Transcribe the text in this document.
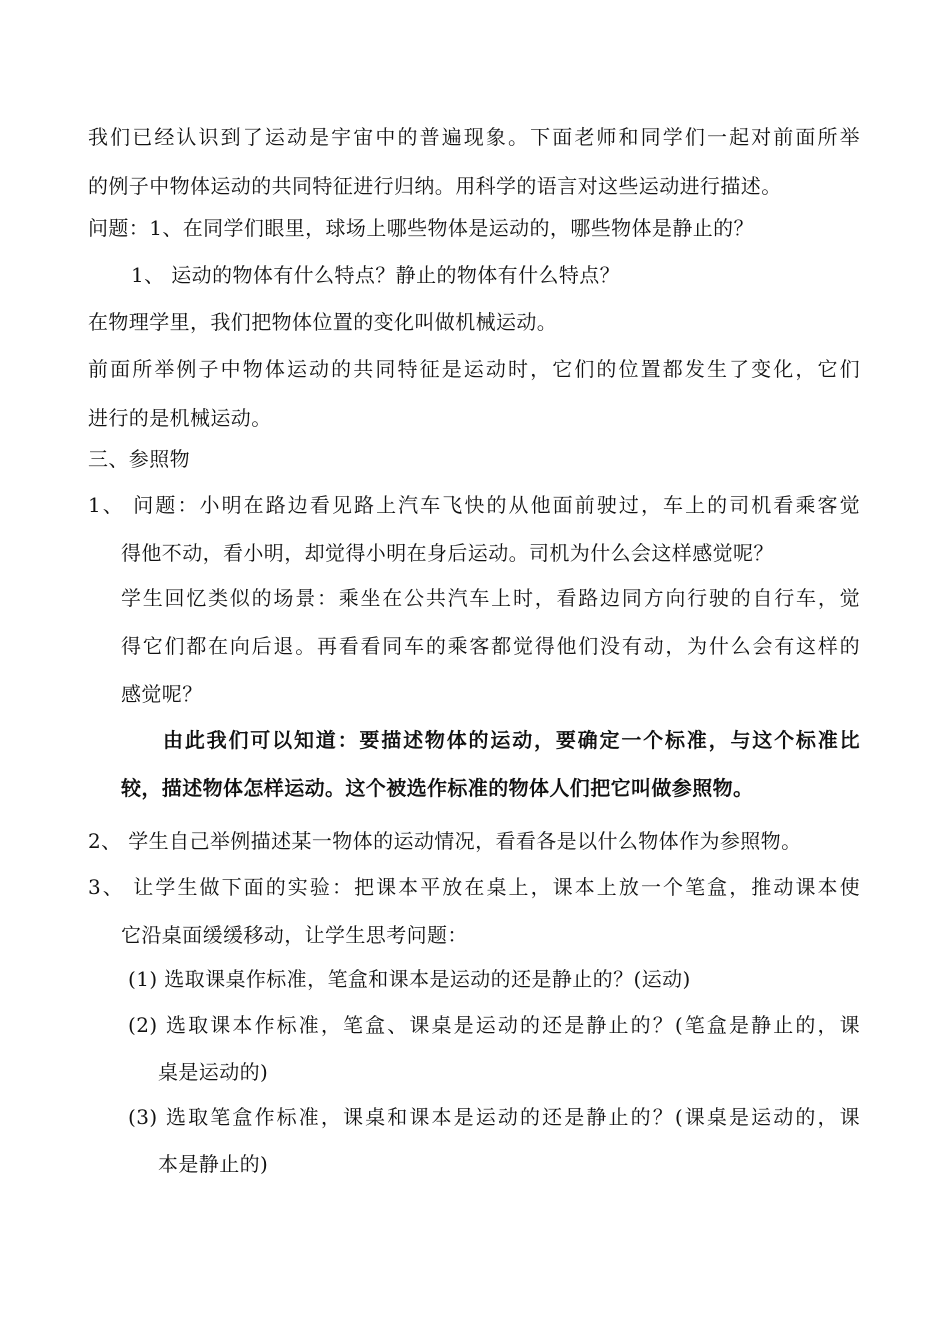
我们已经认识到了运动是宇宙中的普遍现象。下面老师和同学们一起对前面所举
的例子中物体运动的共同特征进行归纳。用科学的语言对这些运动进行描述。
问题：1、在同学们眼里，球场上哪些物体是运动的，哪些物体是静止的？
1、 运动的物体有什么特点？静止的物体有什么特点？
在物理学里，我们把物体位置的变化叫做机械运动。
前面所举例子中物体运动的共同特征是运动时，它们的位置都发生了变化，它们
进行的是机械运动。
三、参照物
1、 问题：小明在路边看见路上汽车飞快的从他面前驶过，车上的司机看乘客觉
得他不动，看小明，却觉得小明在身后运动。司机为什么会这样感觉呢？
学生回忆类似的场景：乘坐在公共汽车上时，看路边同方向行驶的自行车，觉
得它们都在向后退。再看看同车的乘客都觉得他们没有动，为什么会有这样的
感觉呢？
由此我们可以知道：要描述物体的运动，要确定一个标准，与这个标准比
较，描述物体怎样运动。这个被选作标准的物体人们把它叫做参照物。
2、 学生自己举例描述某一物体的运动情况，看看各是以什么物体作为参照物。
3、 让学生做下面的实验：把课本平放在桌上，课本上放一个笔盒，推动课本使
它沿桌面缓缓移动，让学生思考问题：
(1) 选取课桌作标准，笔盒和课本是运动的还是静止的？(运动)
(2) 选取课本作标准，笔盒、课桌是运动的还是静止的？(笔盒是静止的，课
桌是运动的)
(3) 选取笔盒作标准，课桌和课本是运动的还是静止的？(课桌是运动的，课
本是静止的)
